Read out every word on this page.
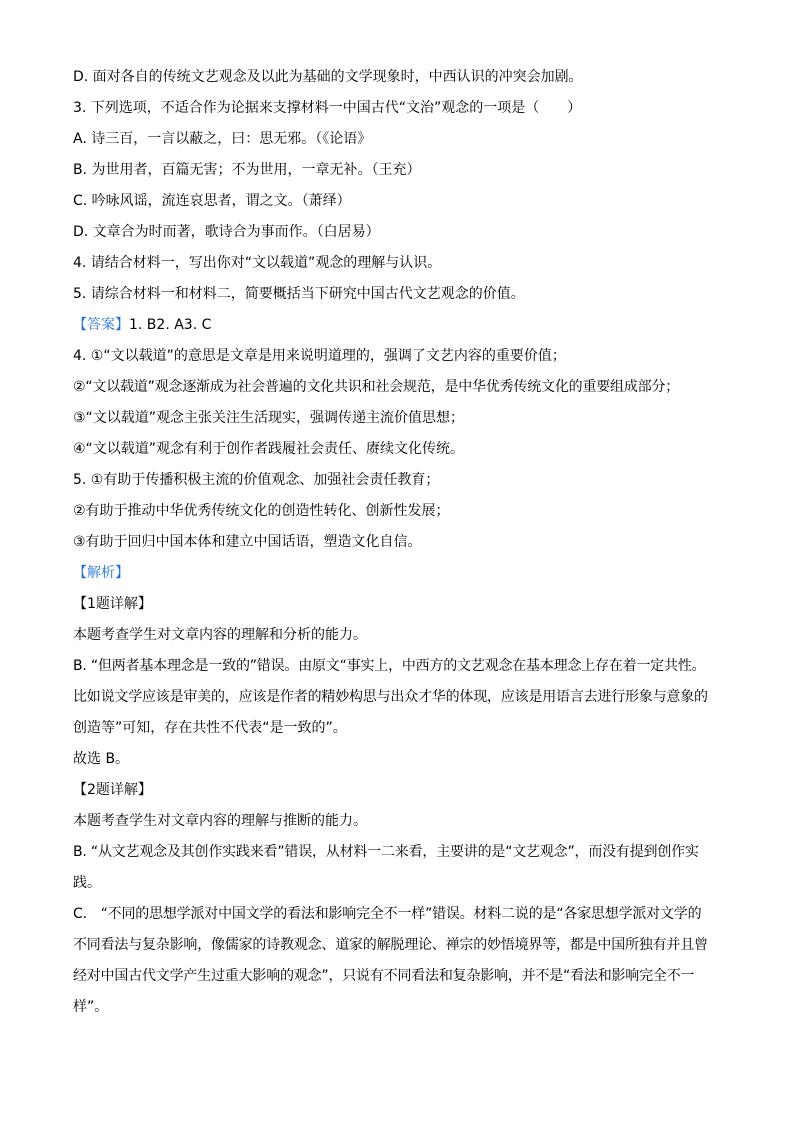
D. 面对各自的传统文艺观念及以此为基础的文学现象时，中西认识的冲突会加剧。

3. 下列选项，不适合作为论据来支撑材料一中国古代“文治”观念的一项是（　　）

A. 诗三百，一言以蔽之，曰：思无邪。（《论语》

B. 为世用者，百篇无害；不为世用，一章无补。（王充）

C. 吟咏风谣，流连哀思者，谓之文。（萧绎）

D. 文章合为时而著，歌诗合为事而作。（白居易）

4. 请结合材料一，写出你对“文以载道”观念的理解与认识。

5. 请综合材料一和材料二，简要概括当下研究中国古代文艺观念的价值。

【答案】1. B2. A3. C

4. ①“文以载道”的意思是文章是用来说明道理的，强调了文艺内容的重要价值；

②“文以载道”观念逐渐成为社会普遍的文化共识和社会规范，是中华优秀传统文化的重要组成部分；

③“文以载道”观念主张关注生活现实，强调传递主流价值思想；

④“文以载道”观念有利于创作者践履社会责任、赓续文化传统。

5. ①有助于传播积极主流的价值观念、加强社会责任教育；

②有助于推动中华优秀传统文化的创造性转化、创新性发展；

③有助于回归中国本体和建立中国话语，塑造文化自信。

【解析】

【1题详解】

本题考查学生对文章内容的理解和分析的能力。

B. “但两者基本理念是一致的”错误。由原文“事实上，中西方的文艺观念在基本理念上存在着一定共性。

比如说文学应该是审美的，应该是作者的精妙构思与出众才华的体现，应该是用语言去进行形象与意象的

创造等”可知，存在共性不代表“是一致的”。

故选 B。

【2题详解】

本题考查学生对文章内容的理解与推断的能力。

B. “从文艺观念及其创作实践来看”错误，从材料一二来看，主要讲的是“文艺观念”，而没有提到创作实

践。

C.　“不同的思想学派对中国文学的看法和影响完全不一样”错误。材料二说的是“各家思想学派对文学的

不同看法与复杂影响，像儒家的诗教观念、道家的解脱理论、禅宗的妙悟境界等，都是中国所独有并且曾

经对中国古代文学产生过重大影响的观念”，只说有不同看法和复杂影响，并不是“看法和影响完全不一

样”。
